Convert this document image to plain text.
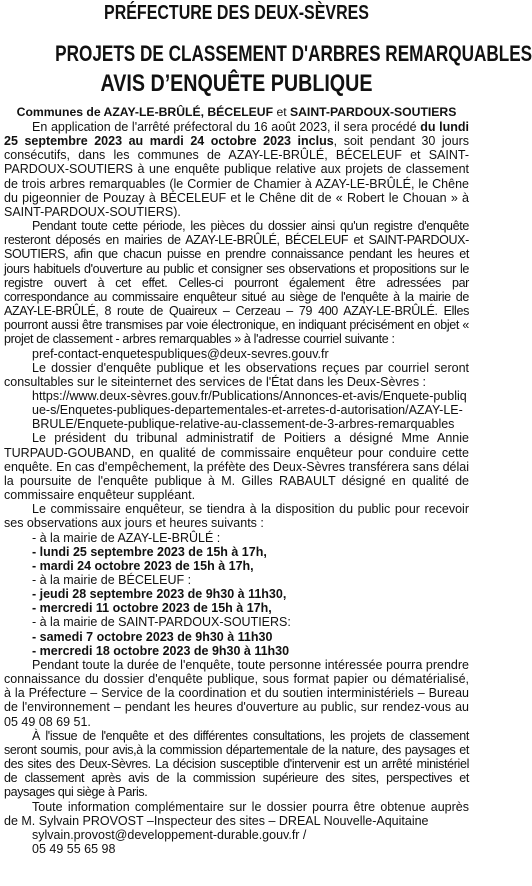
PRÉFECTURE DES DEUX-SÈVRES
PROJETS DE CLASSEMENT D'ARBRES REMARQUABLES
AVIS D’ENQUÊTE PUBLIQUE
Communes de AZAY-LE-BRÛLÉ, BÉCELEUF et SAINT-PARDOUX-SOUTIERS

En application de l'arrêté préfectoral du 16 août 2023, il sera procédé du lundi 25 septembre 2023 au mardi 24 octobre 2023 inclus, soit pendant 30 jours consécutifs, dans les communes de AZAY-LE-BRÛLÉ, BÉCELEUF et SAINT-PARDOUX-SOUTIERS à une enquête publique relative aux projets de classement de trois arbres remarquables (le Cormier de Chamier à AZAY-LE-BRÛLÉ, le Chêne du pigeonnier de Pouzay à BÉCELEUF et le Chêne dit de « Robert le Chouan » à SAINT-PARDOUX-SOUTIERS).

Pendant toute cette période, les pièces du dossier ainsi qu'un registre d'enquête resteront déposés en mairies de AZAY-LE-BRÛLÉ, BÉCELEUF et SAINT-PARDOUX-SOUTIERS, afin que chacun puisse en prendre connaissance pendant les heures et jours habituels d'ouverture au public et consigner ses observations et propositions sur le registre ouvert à cet effet. Celles-ci pourront également être adressées par correspondance au commissaire enquêteur situé au siège de l'enquête à la mairie de AZAY-LE-BRÛLÉ, 8 route de Quaireux – Cerzeau – 79 400 AZAY-LE-BRÛLÉ. Elles pourront aussi être transmises par voie électronique, en indiquant précisément en objet « projet de classement - arbres remarquables » à l'adresse courriel suivante :

pref-contact-enquetespubliques@deux-sevres.gouv.fr

Le dossier d'enquête publique et les observations reçues par courriel seront consultables sur le siteinternet des services de l'État dans les Deux-Sèvres :

https://www.deux-sèvres.gouv.fr/Publications/Annonces-et-avis/Enquete-publique-s/Enquetes-publiques-departementales-et-arretes-d-autorisation/AZAY-LE-BRULE/Enquete-publique-relative-au-classement-de-3-arbres-remarquables

Le président du tribunal administratif de Poitiers a désigné Mme Annie TURPAUD-GOUBAND, en qualité de commissaire enquêteur pour conduire cette enquête. En cas d'empêchement, la préfète des Deux-Sèvres transférera sans délai la poursuite de l'enquête publique à M. Gilles RABAULT désigné en qualité de commissaire enquêteur suppléant.

Le commissaire enquêteur, se tiendra à la disposition du public pour recevoir ses observations aux jours et heures suivants :

- à la mairie de AZAY-LE-BRÛLÉ :
- lundi 25 septembre 2023 de 15h à 17h,
- mardi 24 octobre 2023 de 15h à 17h,
- à la mairie de BÉCELEUF :
- jeudi 28 septembre 2023 de 9h30 à 11h30,
- mercredi 11 octobre 2023 de 15h à 17h,
- à la mairie de SAINT-PARDOUX-SOUTIERS:
- samedi 7 octobre 2023 de 9h30 à 11h30
- mercredi 18 octobre 2023 de 9h30 à 11h30

Pendant toute la durée de l'enquête, toute personne intéressée pourra prendre connaissance du dossier d'enquête publique, sous format papier ou dématérialisé, à la Préfecture – Service de la coordination et du soutien interministériels – Bureau de l'environnement – pendant les heures d'ouverture au public, sur rendez-vous au 05 49 08 69 51.

À l'issue de l'enquête et des différentes consultations, les projets de classement seront soumis, pour avis,à la commission départementale de la nature, des paysages et des sites des Deux-Sèvres. La décision susceptible d'intervenir est un arrêté ministériel de classement après avis de la commission supérieure des sites, perspectives et paysages qui siège à Paris.

Toute information complémentaire sur le dossier pourra être obtenue auprès de M. Sylvain PROVOST –Inspecteur des sites – DREAL Nouvelle-Aquitaine

sylvain.provost@developpement-durable.gouv.fr /

05 49 55 65 98
